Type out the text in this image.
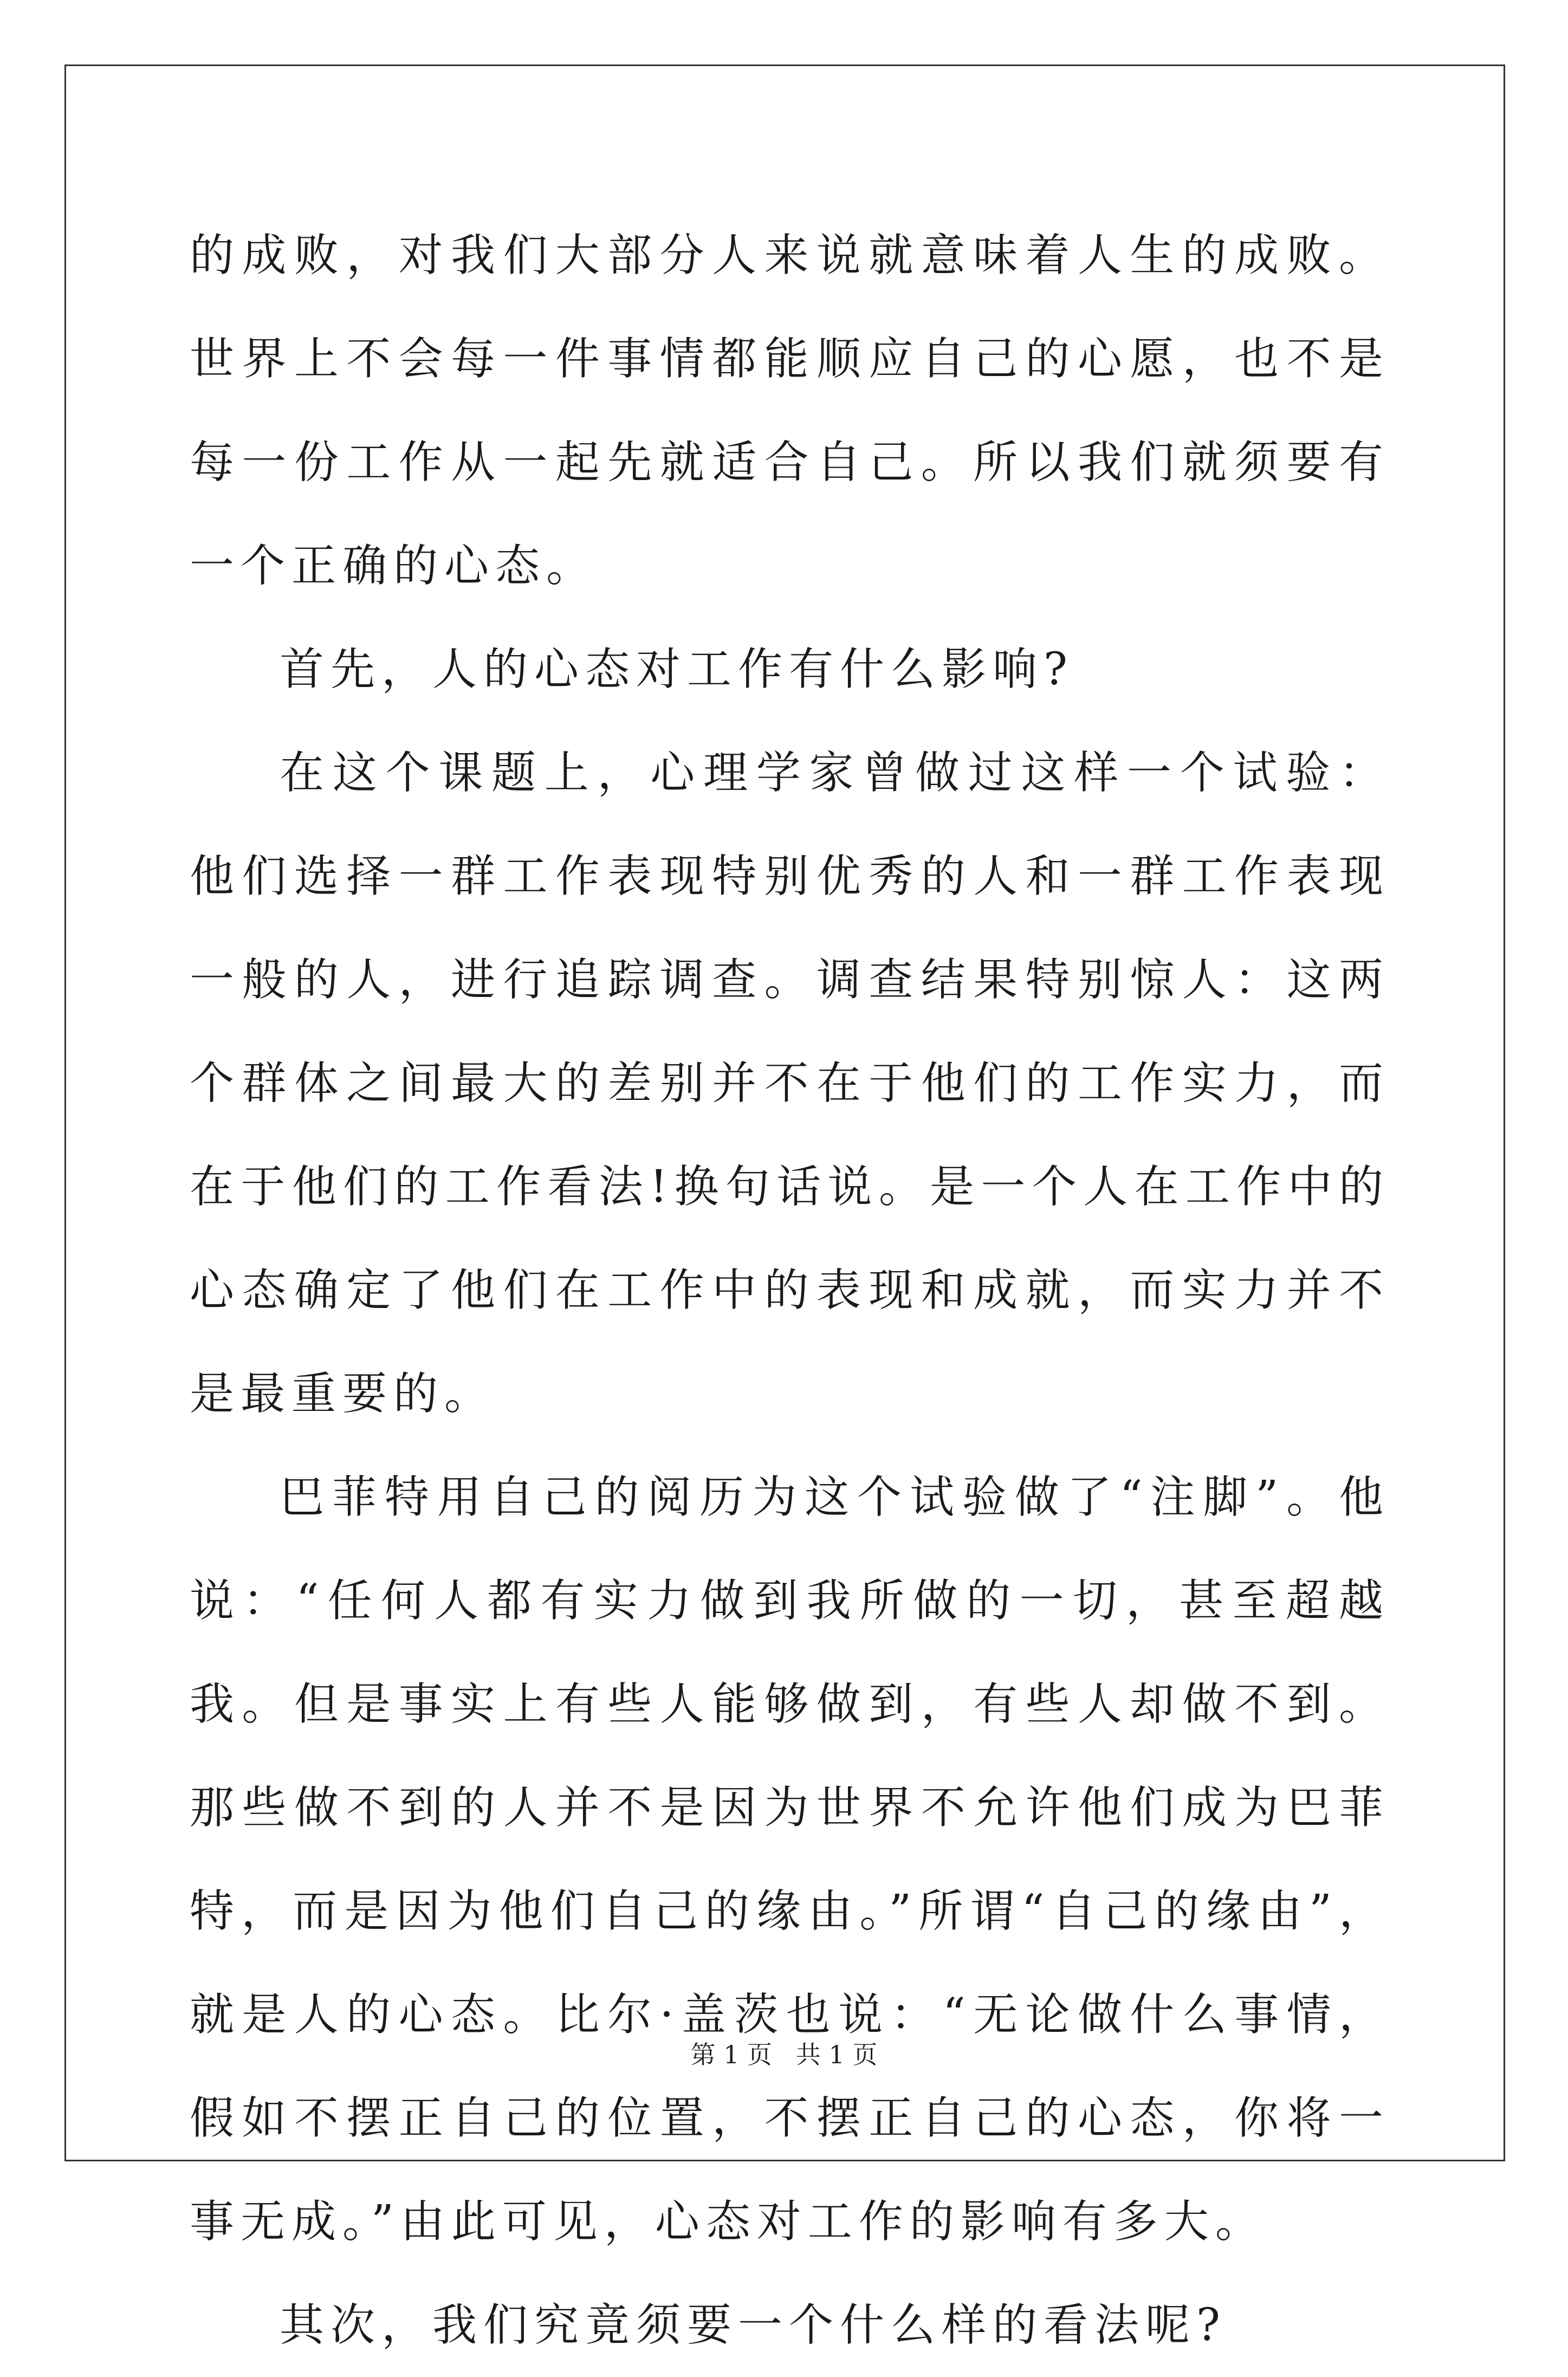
的成败，对我们大部分人来说就意味着人生的成败。世界上不会每一件事情都能顺应自己的心愿，也不是每一份工作从一起先就适合自己。所以我们就须要有一个正确的心态。

首先，人的心态对工作有什么影响?

在这个课题上，心理学家曾做过这样一个试验：他们选择一群工作表现特别优秀的人和一群工作表现一般的人，进行追踪调查。调查结果特别惊人：这两个群体之间最大的差别并不在于他们的工作实力，而在于他们的工作看法!换句话说。是一个人在工作中的心态确定了他们在工作中的表现和成就，而实力并不是最重要的。

巴菲特用自己的阅历为这个试验做了“注脚”。他说：“任何人都有实力做到我所做的一切，甚至超越我。但是事实上有些人能够做到，有些人却做不到。那些做不到的人并不是因为世界不允许他们成为巴菲特，而是因为他们自己的缘由。”所谓“自己的缘由”，就是人的心态。比尔·盖茨也说：“无论做什么事情，假如不摆正自己的位置，不摆正自己的心态，你将一事无成。”由此可见，心态对工作的影响有多大。

其次，我们究竟须要一个什么样的看法呢?

第 1 页   共 1 页
